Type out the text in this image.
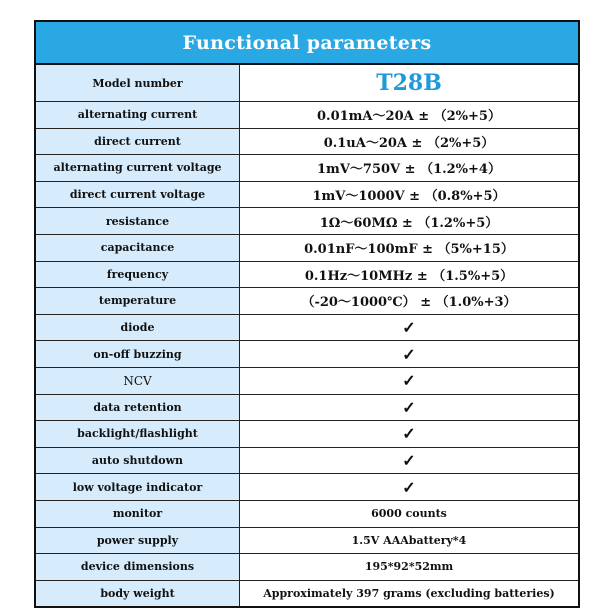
Functional parameters
Model number	T28B
alternating current	0.01mA～20A ± （2%+5）
direct current	0.1uA～20A ± （2%+5）
alternating current voltage	1mV～750V ± （1.2%+4）
direct current voltage	1mV～1000V ± （0.8%+5）
resistance	1Ω～60MΩ ± （1.2%+5）
capacitance	0.01nF～100mF ± （5%+15）
frequency	0.1Hz～10MHz ± （1.5%+5）
temperature	（-20～1000℃） ± （1.0%+3）
diode	✓
on-off buzzing	✓
NCV	✓
data retention	✓
backlight/flashlight	✓
auto shutdown	✓
low voltage indicator	✓
monitor	6000 counts
power supply	1.5V AAAbattery*4
device dimensions	195*92*52mm
body weight	Approximately 397 grams (excluding batteries)
